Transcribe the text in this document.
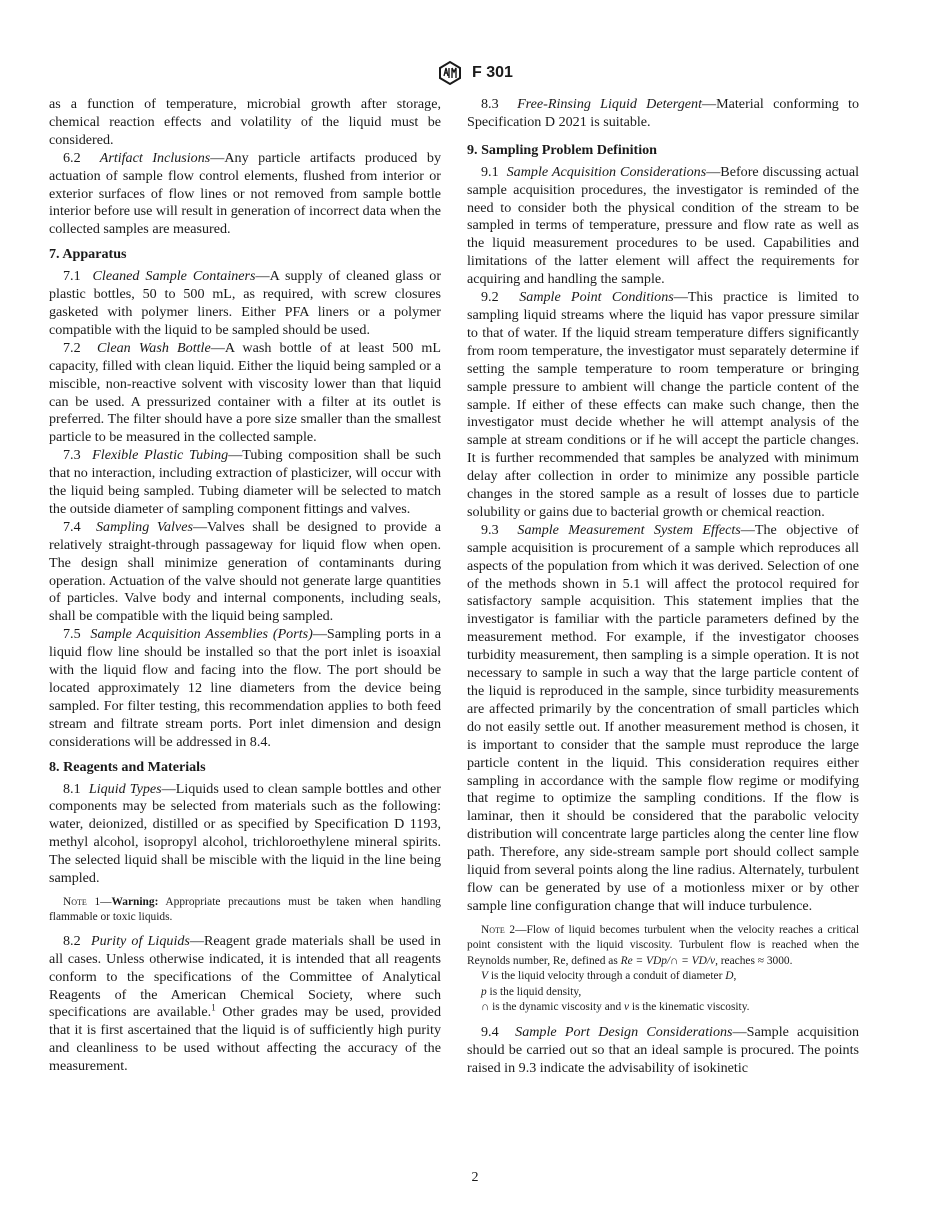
F 301

as a function of temperature, microbial growth after storage, chemical reaction effects and volatility of the liquid must be considered.

6.2 Artifact Inclusions—Any particle artifacts produced by actuation of sample flow control elements, flushed from interior or exterior surfaces of flow lines or not removed from sample bottle interior before use will result in generation of incorrect data when the collected samples are measured.

7. Apparatus

7.1 Cleaned Sample Containers—A supply of cleaned glass or plastic bottles, 50 to 500 mL, as required, with screw closures gasketed with polymer liners. Either PFA liners or a polymer compatible with the liquid to be sampled should be used.

7.2 Clean Wash Bottle—A wash bottle of at least 500 mL capacity, filled with clean liquid. Either the liquid being sampled or a miscible, non-reactive solvent with viscosity lower than that liquid can be used. A pressurized container with a filter at its outlet is preferred. The filter should have a pore size smaller than the smallest particle to be measured in the collected sample.

7.3 Flexible Plastic Tubing—Tubing composition shall be such that no interaction, including extraction of plasticizer, will occur with the liquid being sampled. Tubing diameter will be selected to match the outside diameter of sampling component fittings and valves.

7.4 Sampling Valves—Valves shall be designed to provide a relatively straight-through passageway for liquid flow when open. The design shall minimize generation of contaminants during operation. Actuation of the valve should not generate large quantities of particles. Valve body and internal components, including seals, shall be compatible with the liquid being sampled.

7.5 Sample Acquisition Assemblies (Ports)—Sampling ports in a liquid flow line should be installed so that the port inlet is isoaxial with the liquid flow and facing into the flow. The port should be located approximately 12 line diameters from the device being sampled. For filter testing, this recommendation applies to both feed stream and filtrate stream ports. Port inlet dimension and design considerations will be addressed in 8.4.

8. Reagents and Materials

8.1 Liquid Types—Liquids used to clean sample bottles and other components may be selected from materials such as the following: water, deionized, distilled or as specified by Specification D 1193, methyl alcohol, isopropyl alcohol, trichloroethylene mineral spirits. The selected liquid shall be miscible with the liquid in the line being sampled.

Note 1—Warning: Appropriate precautions must be taken when handling flammable or toxic liquids.

8.2 Purity of Liquids—Reagent grade materials shall be used in all cases. Unless otherwise indicated, it is intended that all reagents conform to the specifications of the Committee of Analytical Reagents of the American Chemical Society, where such specifications are available.$^1$ Other grades may be used, provided that it is first ascertained that the liquid is of sufficiently high purity and cleanliness to be used without affecting the accuracy of the measurement.

8.3 Free-Rinsing Liquid Detergent—Material conforming to Specification D 2021 is suitable.

9. Sampling Problem Definition

9.1 Sample Acquisition Considerations—Before discussing actual sample acquisition procedures, the investigator is reminded of the need to consider both the physical condition of the stream to be sampled in terms of temperature, pressure and flow rate as well as the liquid measurement procedures to be used. Capabilities and limitations of the latter element will affect the requirements for acquiring and handling the sample.

9.2 Sample Point Conditions—This practice is limited to sampling liquid streams where the liquid has vapor pressure similar to that of water. If the liquid stream temperature differs significantly from room temperature, the investigator must separately determine if setting the sample temperature to room temperature or bringing sample pressure to ambient will change the particle content of the sample. If either of these effects can make such change, then the investigator must decide whether he will attempt analysis of the sample at stream conditions or if he will accept the particle changes. It is further recommended that samples be analyzed with minimum delay after collection in order to minimize any possible particle changes in the stored sample as a result of losses due to particle solubility or gains due to bacterial growth or chemical reaction.

9.3 Sample Measurement System Effects—The objective of sample acquisition is procurement of a sample which reproduces all aspects of the population from which it was derived. Selection of one of the methods shown in 5.1 will affect the protocol required for satisfactory sample acquisition. This statement implies that the investigator is familiar with the particle parameters defined by the measurement method. For example, if the investigator chooses turbidity measurement, then sampling is a simple operation. It is not necessary to sample in such a way that the large particle content of the liquid is reproduced in the sample, since turbidity measurements are affected primarily by the concentration of small particles which do not easily settle out. If another measurement method is chosen, it is important to consider that the sample must reproduce the large particle content in the liquid. This consideration requires either sampling in accordance with the sample flow regime or modifying that regime to optimize the sampling conditions. If the flow is laminar, then it should be considered that the parabolic velocity distribution will concentrate large particles along the center line flow path. Therefore, any side-stream sample port should collect sample liquid from several points along the line radius. Alternately, turbulent flow can be generated by use of a motionless mixer or by other sample line configuration change that will induce turbulence.

Note 2—Flow of liquid becomes turbulent when the velocity reaches a critical point consistent with the liquid viscosity. Turbulent flow is reached when the Reynolds number, Re, defined as Re = VDp/∩ = VD/v, reaches ≈ 3000.

V is the liquid velocity through a conduit of diameter D,

p is the liquid density,

∩ is the dynamic viscosity and v is the kinematic viscosity.

9.4 Sample Port Design Considerations—Sample acquisition should be carried out so that an ideal sample is procured. The points raised in 9.3 indicate the advisability of isokinetic

2
